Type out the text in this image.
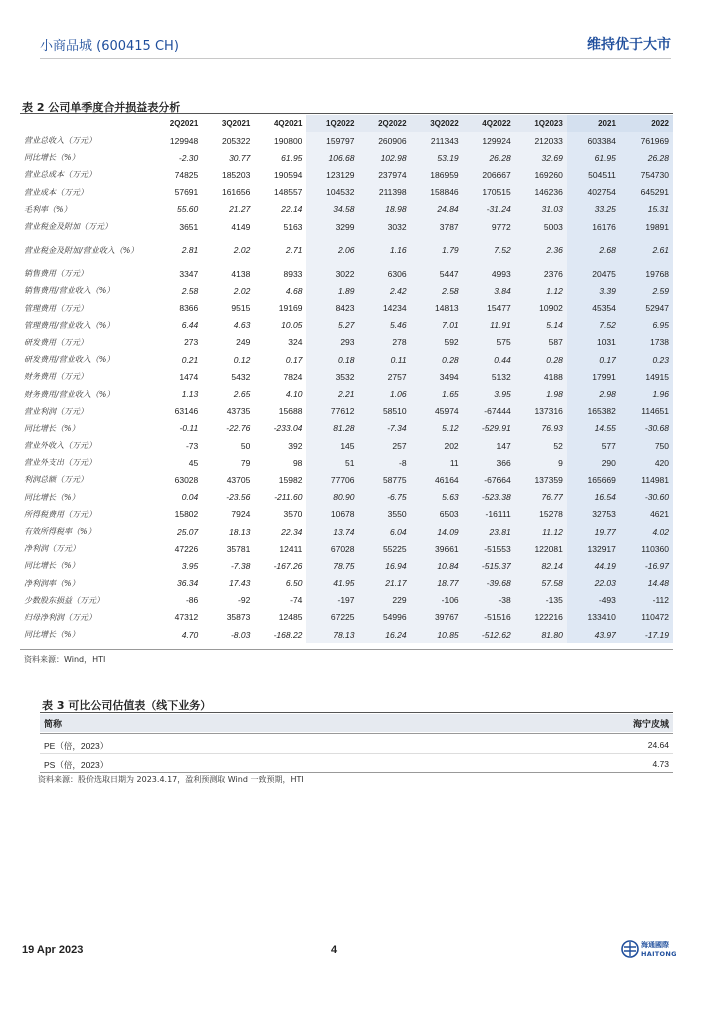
小商品城 (600415 CH)	维持优于大市
表 2 公司单季度合并损益表分析
	2Q2021	3Q2021	4Q2021	1Q2022	2Q2022	3Q2022	4Q2022	1Q2023	2021	2022
营业总收入（万元）	129948	205322	190800	159797	260906	211343	129924	212033	603384	761969
同比增长（%）	-2.30	30.77	61.95	106.68	102.98	53.19	26.28	32.69	61.95	26.28
营业总成本（万元）	74825	185203	190594	123129	237974	186959	206667	169260	504511	754730
营业成本（万元）	57691	161656	148557	104532	211398	158846	170515	146236	402754	645291
毛利率（%）	55.60	21.27	22.14	34.58	18.98	24.84	-31.24	31.03	33.25	15.31
营业税金及附加（万元）	3651	4149	5163	3299	3032	3787	9772	5003	16176	19891
营业税金及附加/营业收入（%）	2.81	2.02	2.71	2.06	1.16	1.79	7.52	2.36	2.68	2.61
销售费用（万元）	3347	4138	8933	3022	6306	5447	4993	2376	20475	19768
销售费用/营业收入（%）	2.58	2.02	4.68	1.89	2.42	2.58	3.84	1.12	3.39	2.59
管理费用（万元）	8366	9515	19169	8423	14234	14813	15477	10902	45354	52947
管理费用/营业收入（%）	6.44	4.63	10.05	5.27	5.46	7.01	11.91	5.14	7.52	6.95
研发费用（万元）	273	249	324	293	278	592	575	587	1031	1738
研发费用/营业收入（%）	0.21	0.12	0.17	0.18	0.11	0.28	0.44	0.28	0.17	0.23
财务费用（万元）	1474	5432	7824	3532	2757	3494	5132	4188	17991	14915
财务费用/营业收入（%）	1.13	2.65	4.10	2.21	1.06	1.65	3.95	1.98	2.98	1.96
营业利润（万元）	63146	43735	15688	77612	58510	45974	-67444	137316	165382	114651
同比增长（%）	-0.11	-22.76	-233.04	81.28	-7.34	5.12	-529.91	76.93	14.55	-30.68
营业外收入（万元）	-73	50	392	145	257	202	147	52	577	750
营业外支出（万元）	45	79	98	51	-8	11	366	9	290	420
利润总额（万元）	63028	43705	15982	77706	58775	46164	-67664	137359	165669	114981
同比增长（%）	0.04	-23.56	-211.60	80.90	-6.75	5.63	-523.38	76.77	16.54	-30.60
所得税费用（万元）	15802	7924	3570	10678	3550	6503	-16111	15278	32753	4621
有效所得税率（%）	25.07	18.13	22.34	13.74	6.04	14.09	23.81	11.12	19.77	4.02
净利润（万元）	47226	35781	12411	67028	55225	39661	-51553	122081	132917	110360
同比增长（%）	3.95	-7.38	-167.26	78.75	16.94	10.84	-515.37	82.14	44.19	-16.97
净利润率（%）	36.34	17.43	6.50	41.95	21.17	18.77	-39.68	57.58	22.03	14.48
少数股东损益（万元）	-86	-92	-74	-197	229	-106	-38	-135	-493	-112
归母净利润（万元）	47312	35873	12485	67225	54996	39767	-51516	122216	133410	110472
同比增长（%）	4.70	-8.03	-168.22	78.13	16.24	10.85	-512.62	81.80	43.97	-17.19
资料来源：Wind，HTI
表 3 可比公司估值表（线下业务）
简称	海宁皮城
PE（倍，2023）	24.64
PS（倍，2023）	4.73
资料来源：股价选取日期为 2023.4.17，盈利预测取 Wind 一致预期，HTI
19 Apr 2023	4	海通國際
HAITONG
